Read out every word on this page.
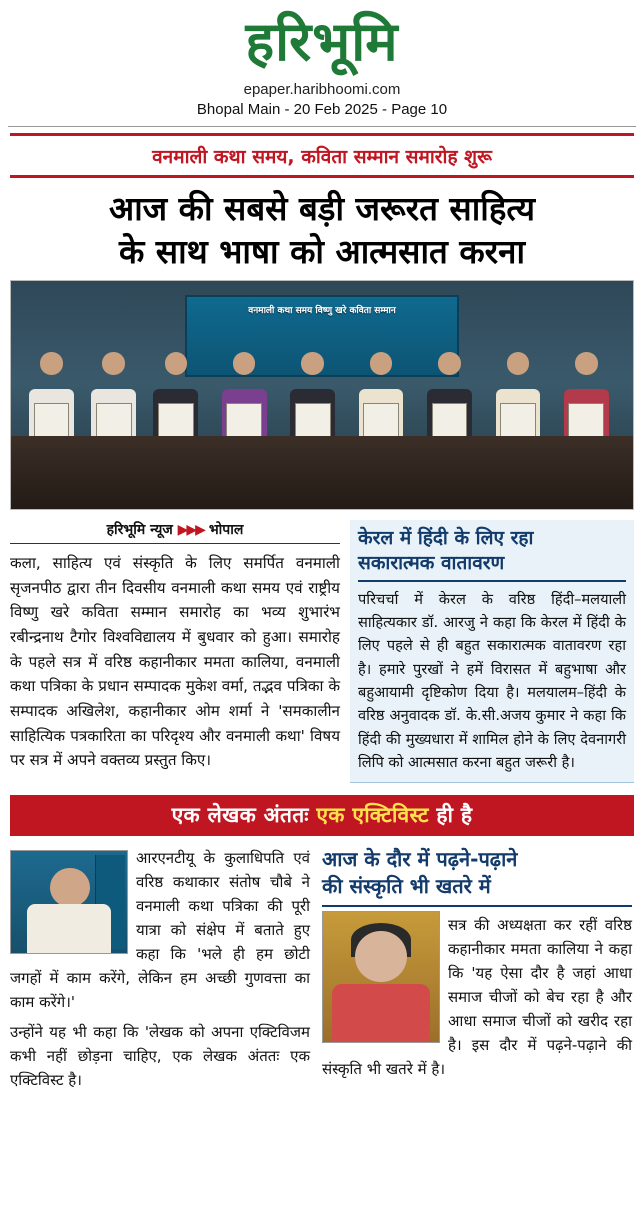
हरिभूमि
epaper.haribhoomi.com
Bhopal Main - 20 Feb 2025 - Page 10
वनमाली कथा समय, कविता सम्मान समारोह शुरू
आज की सबसे बड़ी जरूरत साहित्य
के साथ भाषा को आत्मसात करना
वनमाली कथा समय विष्णु खरे कविता सम्मान
हरिभूमि न्यूज ▶▶▶ भोपाल
कला, साहित्य एवं संस्कृति के लिए समर्पित वनमाली सृजनपीठ द्वारा तीन दिवसीय वनमाली कथा समय एवं राष्ट्रीय विष्णु खरे कविता सम्मान समारोह का भव्य शुभारंभ रबीन्द्रनाथ टैगोर विश्वविद्यालय में बुधवार को हुआ। समारोह के पहले सत्र में वरिष्ठ कहानीकार ममता कालिया, वनमाली कथा पत्रिका के प्रधान सम्पादक मुकेश वर्मा, तद्भव पत्रिका के सम्पादक अखिलेश, कहानीकार ओम शर्मा ने 'समकालीन साहित्यिक पत्रकारिता का परिदृश्य और वनमाली कथा' विषय पर सत्र में अपने वक्तव्य प्रस्तुत किए।
केरल में हिंदी के लिए रहा
सकारात्मक वातावरण
परिचर्चा में केरल के वरिष्ठ हिंदी–मलयाली साहित्यकार डॉ. आरजु ने कहा कि केरल में हिंदी के लिए पहले से ही बहुत सकारात्मक वातावरण रहा है। हमारे पुरखों ने हमें विरासत में बहुभाषा और बहुआयामी दृष्टिकोण दिया है। मलयालम–हिंदी के वरिष्ठ अनुवादक डॉ. के.सी.अजय कुमार ने कहा कि हिंदी की मुख्यधारा में शामिल होने के लिए देवनागरी लिपि को आत्मसात करना बहुत जरूरी है।
एक लेखक अंततः एक एक्टिविस्ट ही है
आरएनटीयू के कुलाधिपति एवं वरिष्ठ कथाकार संतोष चौबे ने वनमाली कथा पत्रिका की पूरी यात्रा को संक्षेप में बताते हुए कहा कि 'भले ही हम छोटी जगहों में काम करेंगे, लेकिन हम अच्छी गुणवत्ता का काम करेंगे।'
उन्होंने यह भी कहा कि 'लेखक को अपना एक्टिविजम कभी नहीं छोड़ना चाहिए, एक लेखक अंततः एक एक्टिविस्ट है।
आज के दौर में पढ़ने-पढ़ाने
की संस्कृति भी खतरे में
सत्र की अध्यक्षता कर रहीं वरिष्ठ कहानीकार ममता कालिया ने कहा कि 'यह ऐसा दौर है जहां आधा समाज चीजों को बेच रहा है और आधा समाज चीजों को खरीद रहा है। इस दौर में पढ़ने-पढ़ाने की संस्कृति भी खतरे में है।
